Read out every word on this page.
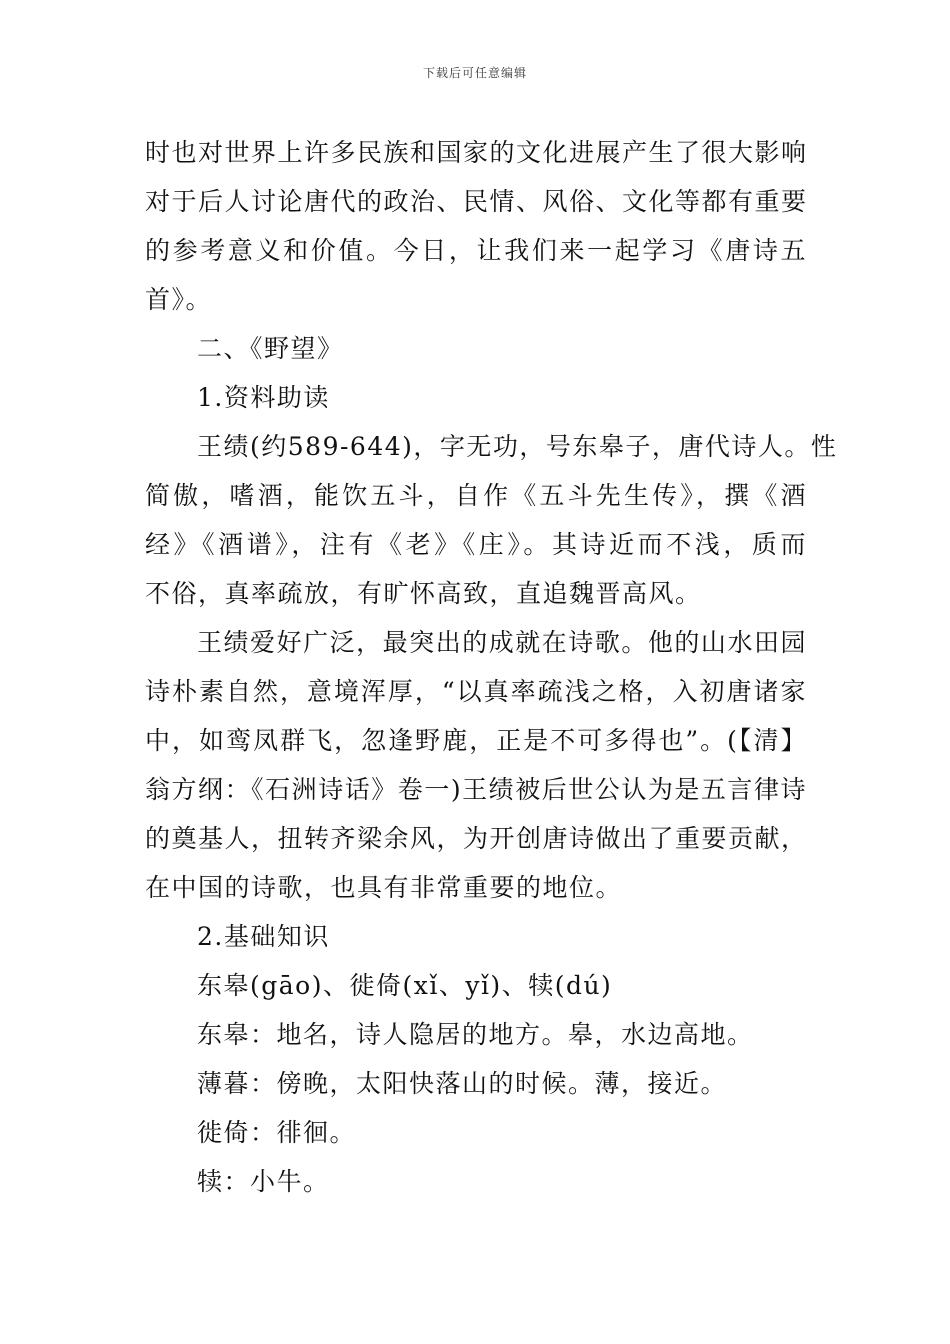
下载后可任意编辑

时也对世界上许多民族和国家的文化进展产生了很大影响
对于后人讨论唐代的政治、民情、风俗、文化等都有重要
的参考意义和价值。今日，让我们来一起学习《唐诗五
首》。

二、《野望》

1.资料助读

王绩(约589-644)，字无功，号东皋子，唐代诗人。性
简傲，嗜酒，能饮五斗，自作《五斗先生传》，撰《酒
经》《酒谱》，注有《老》《庄》。其诗近而不浅，质而
不俗，真率疏放，有旷怀高致，直追魏晋高风。

王绩爱好广泛，最突出的成就在诗歌。他的山水田园
诗朴素自然，意境浑厚，“以真率疏浅之格，入初唐诸家
中，如鸾凤群飞，忽逢野鹿，正是不可多得也”。(【清】
翁方纲：《石洲诗话》卷一)王绩被后世公认为是五言律诗
的奠基人，扭转齐梁余风，为开创唐诗做出了重要贡献，
在中国的诗歌，也具有非常重要的地位。

2.基础知识

东皋(gāo)、徙倚(xǐ、yǐ)、犊(dú)

东皋：地名，诗人隐居的地方。皋，水边高地。

薄暮：傍晚，太阳快落山的时候。薄，接近。

徙倚：徘徊。

犊：小牛。
